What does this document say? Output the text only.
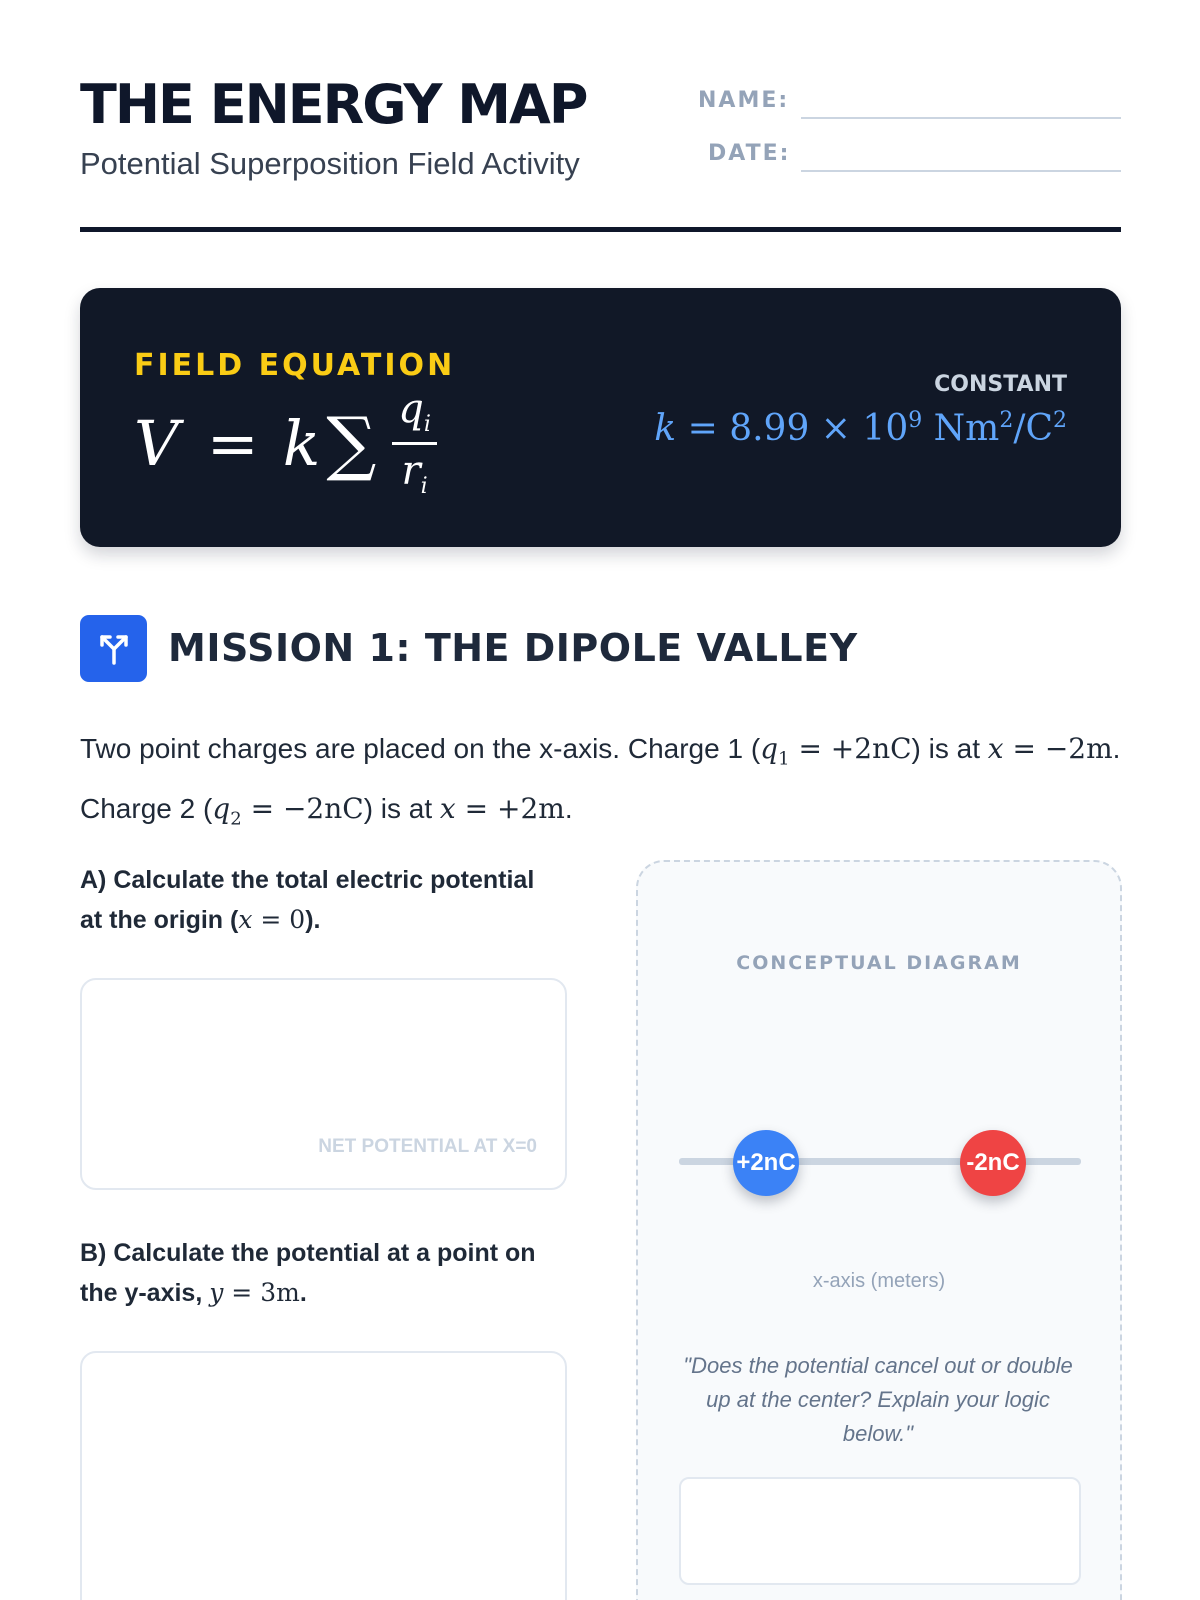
THE ENERGY MAP
Potential Superposition Field Activity
NAME:
DATE:
FIELD EQUATION
V = k ∑ $\frac{q_i}{r_i}$
CONSTANT
$k = 8.99 \times 10^9$ $Nm^2/C^2$
MISSION 1: THE DIPOLE VALLEY
Two point charges are placed on the x-axis. Charge 1 $(q_1 = +2nC)$ is at x = −2m. Charge 2 $(q_2 = -2nC)$ is at x = +2m.
A) Calculate the total electric potential at the origin (x = 0).
NET POTENTIAL AT X=0
B) Calculate the potential at a point on the y-axis, y = 3m.
CONCEPTUAL DIAGRAM
+2nC	-2nC
x-axis (meters)
"Does the potential cancel out or double up at the center? Explain your logic below."
